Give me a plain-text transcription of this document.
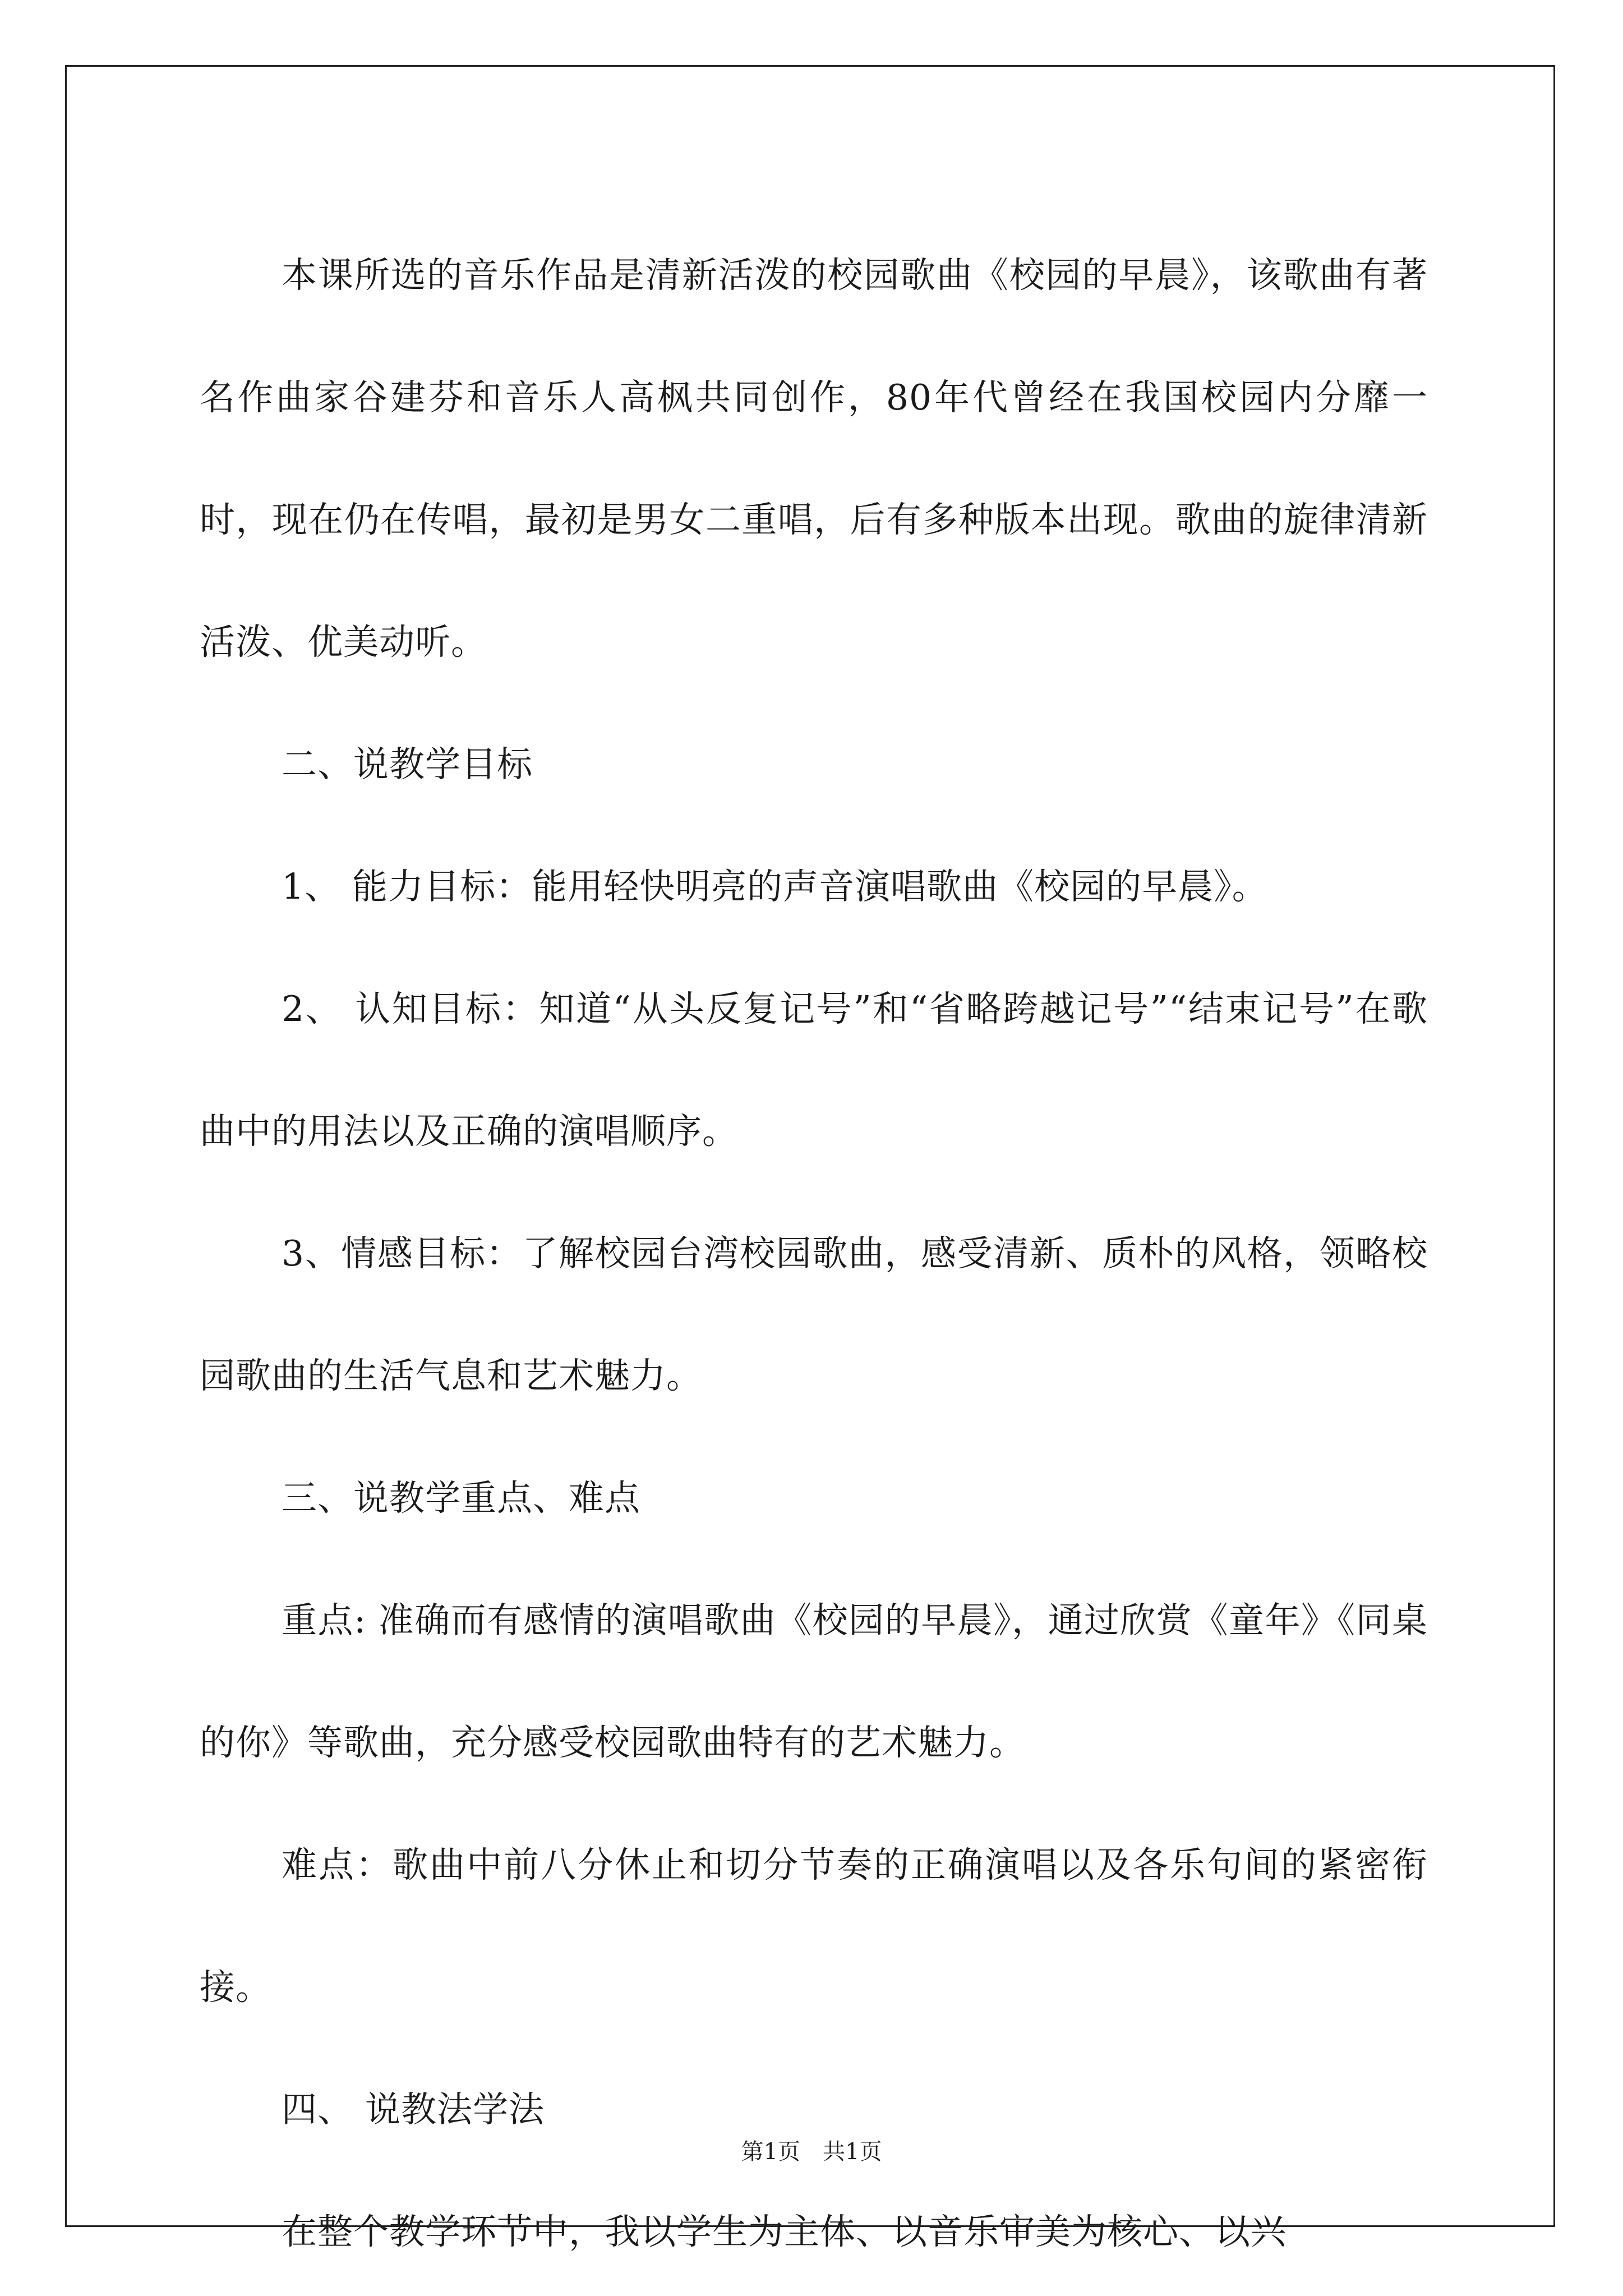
本课所选的音乐作品是清新活泼的校园歌曲《校园的早晨》，该歌曲有著名作曲家谷建芬和音乐人高枫共同创作，80年代曾经在我国校园内分靡一时，现在仍在传唱，最初是男女二重唱，后有多种版本出现。歌曲的旋律清新活泼、优美动听。

二、说教学目标

1、 能力目标：能用轻快明亮的声音演唱歌曲《校园的早晨》。

2、 认知目标：知道“从头反复记号”和“省略跨越记号”“结束记号”在歌曲中的用法以及正确的演唱顺序。

3、情感目标：了解校园台湾校园歌曲，感受清新、质朴的风格，领略校园歌曲的生活气息和艺术魅力。

三、说教学重点、难点

重点: 准确而有感情的演唱歌曲《校园的早晨》，通过欣赏《童年》《同桌的你》等歌曲，充分感受校园歌曲特有的艺术魅力。

难点：歌曲中前八分休止和切分节奏的正确演唱以及各乐句间的紧密衔接。

四、 说教法学法

在整个教学环节中，我以学生为主体、以音乐审美为核心、以兴

第1页　共1页
